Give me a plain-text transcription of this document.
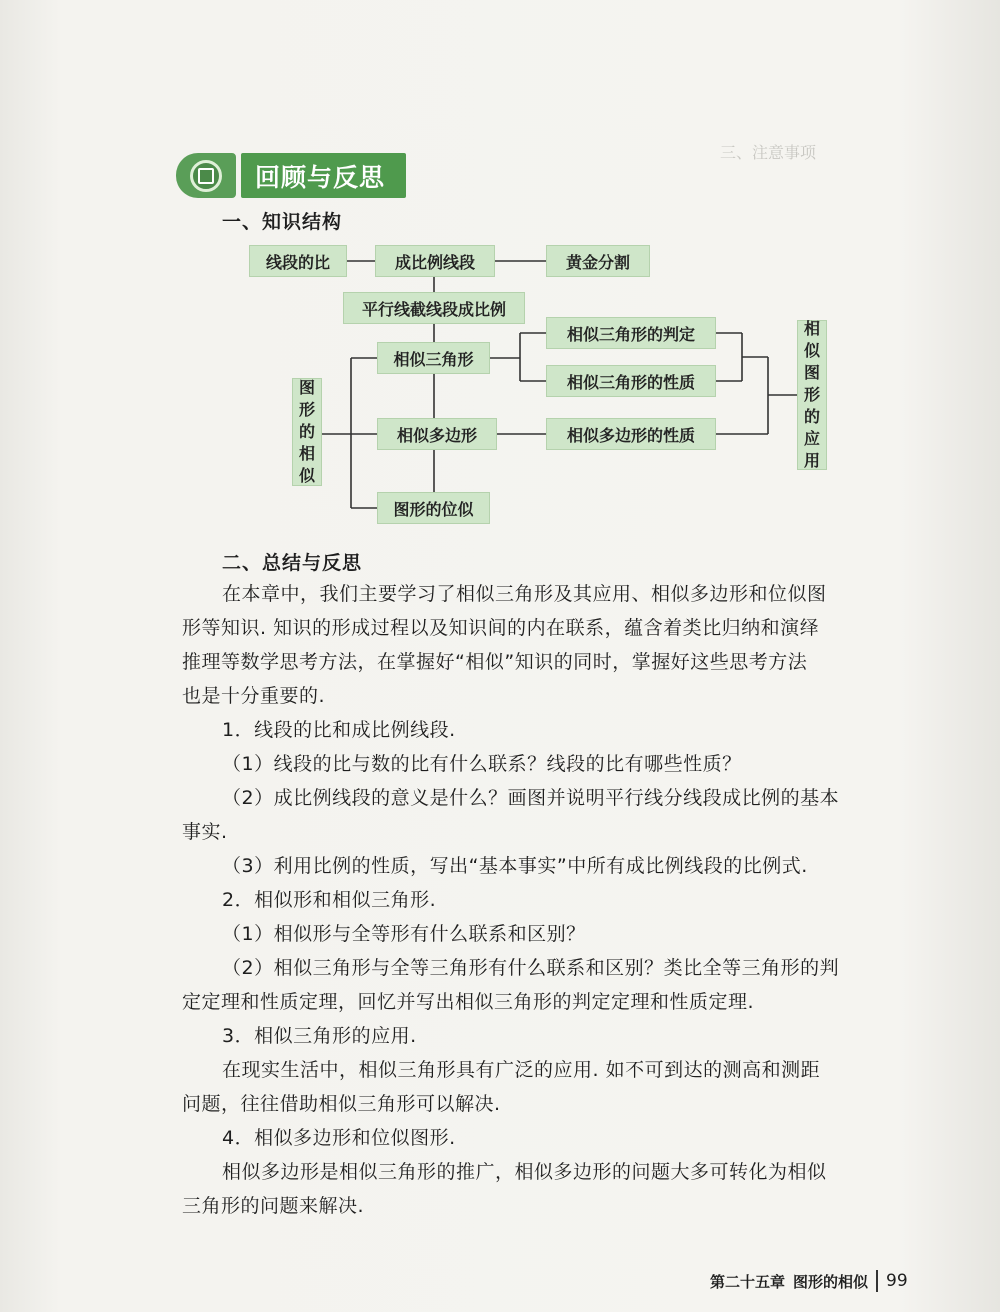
三、注意事项
回顾与反思
一、知识结构
线段的比	成比例线段	黄金分割
平行线截线段成比例
相似三角形
相似多边形
图形的位似
相似三角形的判定
相似三角形的性质
相似多边形的性质
图
形
的
相
似
相
似
图
形
的
应
用
二、总结与反思
在本章中，我们主要学习了相似三角形及其应用、相似多边形和位似图
形等知识. 知识的形成过程以及知识间的内在联系，蕴含着类比归纳和演绎
推理等数学思考方法，在掌握好“相似”知识的同时，掌握好这些思考方法
也是十分重要的.
1．线段的比和成比例线段.
（1）线段的比与数的比有什么联系？线段的比有哪些性质？
（2）成比例线段的意义是什么？画图并说明平行线分线段成比例的基本
事实.
（3）利用比例的性质，写出“基本事实”中所有成比例线段的比例式.
2．相似形和相似三角形.
（1）相似形与全等形有什么联系和区别？
（2）相似三角形与全等三角形有什么联系和区别？类比全等三角形的判
定定理和性质定理，回忆并写出相似三角形的判定定理和性质定理.
3．相似三角形的应用.
在现实生活中，相似三角形具有广泛的应用. 如不可到达的测高和测距
问题，往往借助相似三角形可以解决.
4．相似多边形和位似图形.
相似多边形是相似三角形的推广，相似多边形的问题大多可转化为相似
三角形的问题来解决.
第二十五章 图形的相似 99
